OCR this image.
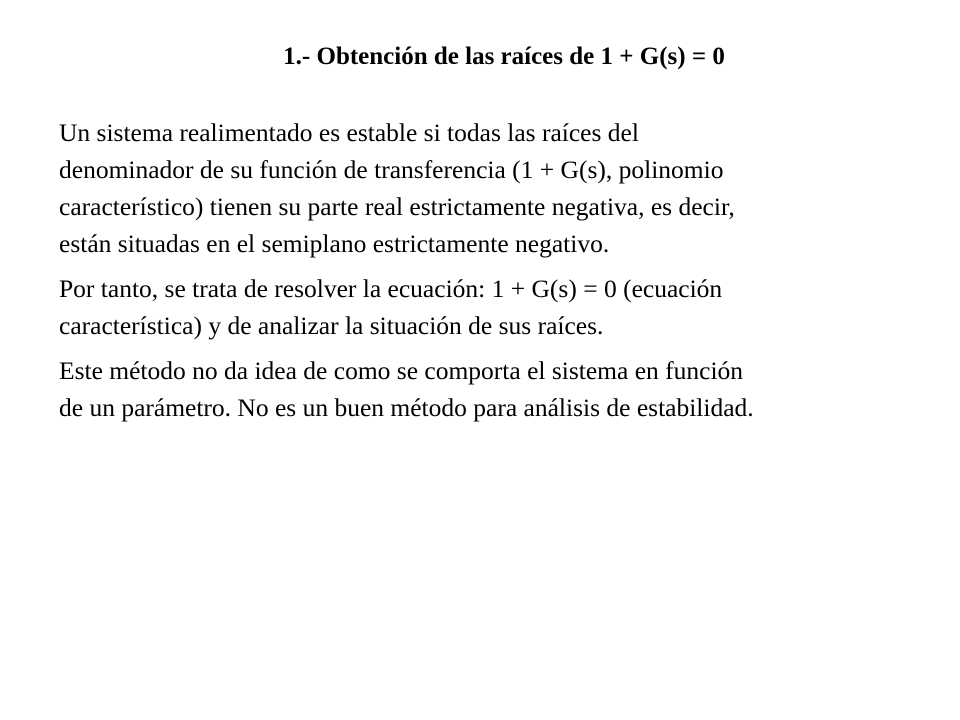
1.- Obtención de las raíces de 1 + G(s) = 0

Un sistema realimentado es estable si todas las raíces del
denominador de su función de transferencia (1 + G(s), polinomio
característico) tienen su parte real estrictamente negativa, es decir,
están situadas en el semiplano estrictamente negativo.

Por tanto, se trata de resolver la ecuación: 1 + G(s) = 0 (ecuación
característica) y de analizar la situación de sus raíces.

Este método no da idea de como se comporta el sistema en función
de un parámetro. No es un buen método para análisis de estabilidad.
